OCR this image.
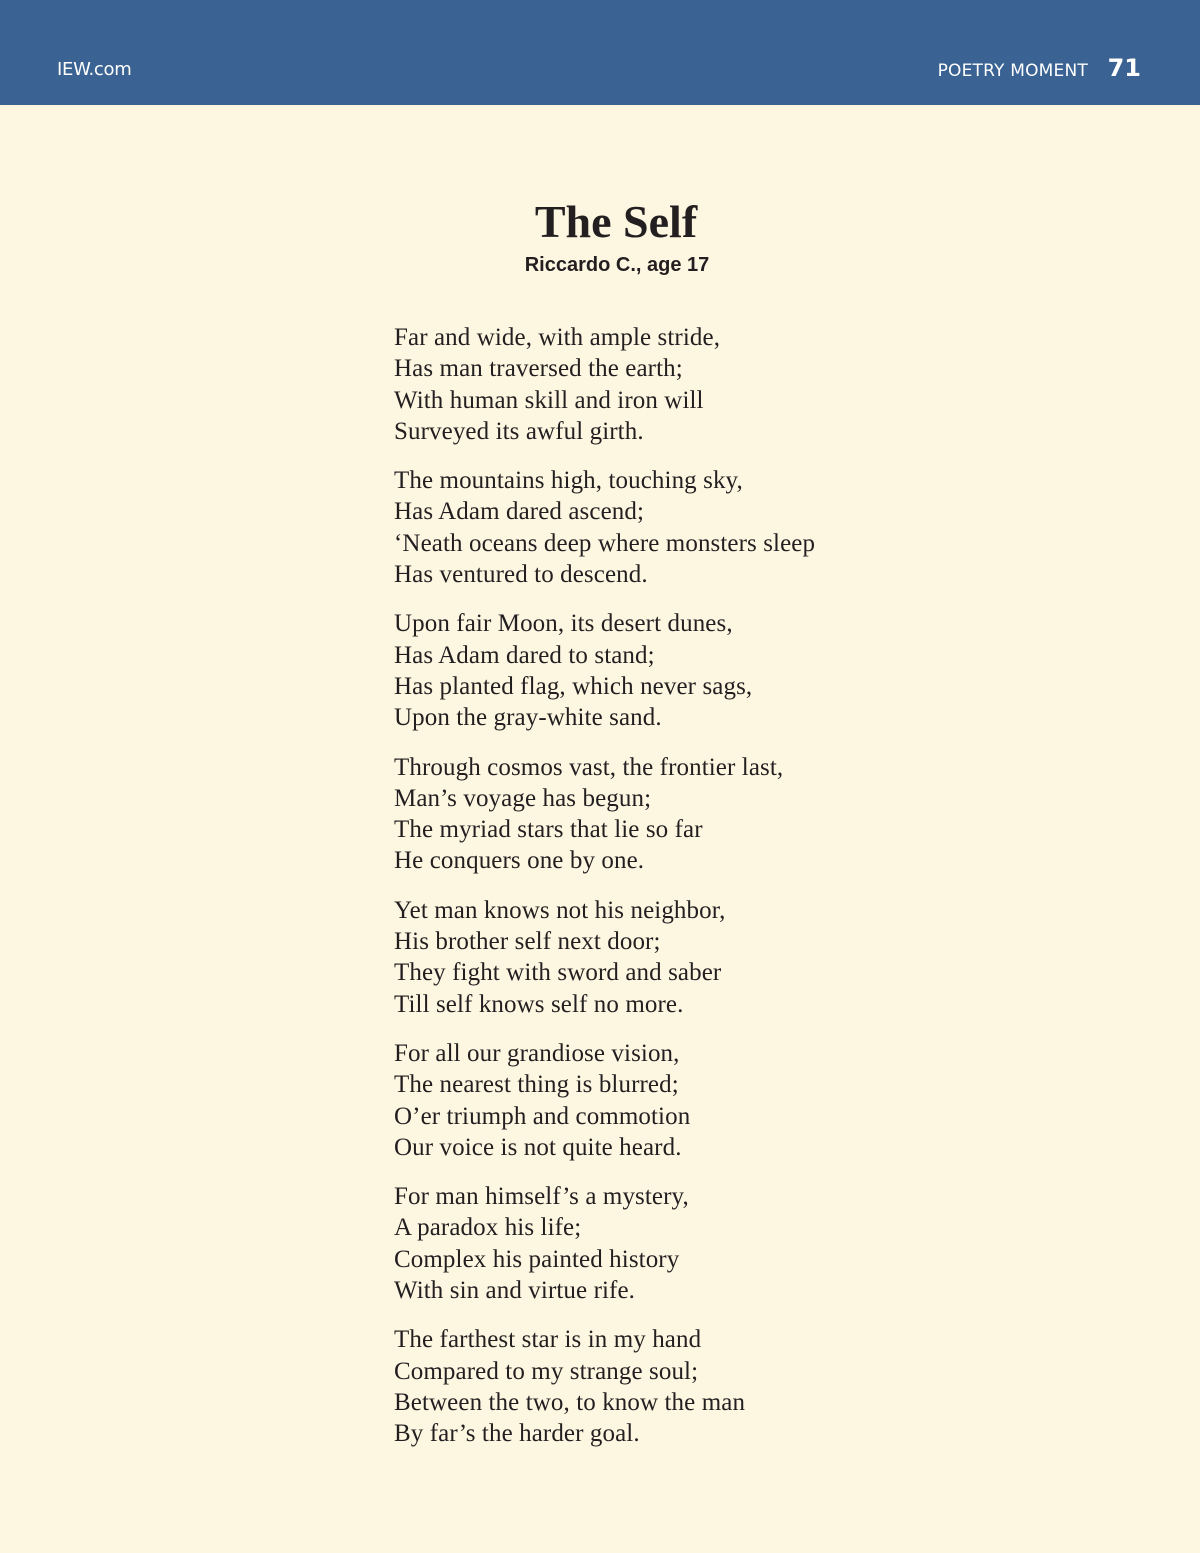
IEW.com	POETRY MOMENT 71
The Self
Riccardo C., age 17
Far and wide, with ample stride,
Has man traversed the earth;
With human skill and iron will
Surveyed its awful girth.
The mountains high, touching sky,
Has Adam dared ascend;
‘Neath oceans deep where monsters sleep
Has ventured to descend.
Upon fair Moon, its desert dunes,
Has Adam dared to stand;
Has planted flag, which never sags,
Upon the gray-white sand.
Through cosmos vast, the frontier last,
Man’s voyage has begun;
The myriad stars that lie so far
He conquers one by one.
Yet man knows not his neighbor,
His brother self next door;
They fight with sword and saber
Till self knows self no more.
For all our grandiose vision,
The nearest thing is blurred;
O’er triumph and commotion
Our voice is not quite heard.
For man himself’s a mystery,
A paradox his life;
Complex his painted history
With sin and virtue rife.
The farthest star is in my hand
Compared to my strange soul;
Between the two, to know the man
By far’s the harder goal.
